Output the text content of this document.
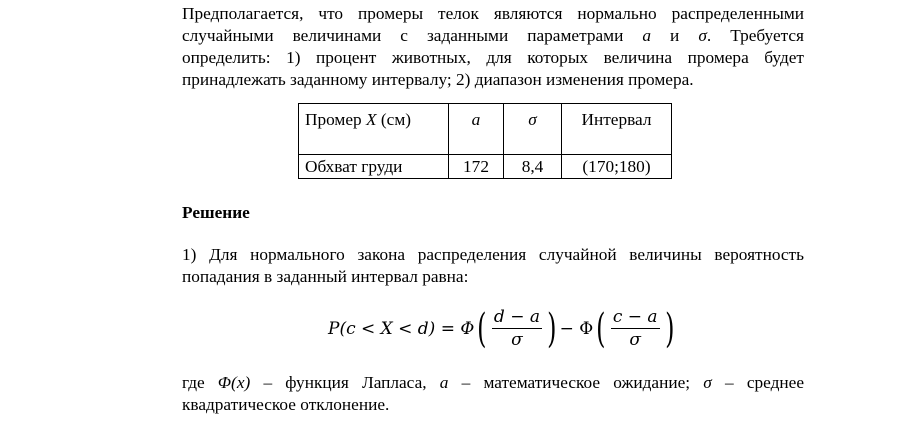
Предполагается, что промеры телок являются нормально распределенными
случайными величинами с заданными параметрами a и σ. Требуется
определить: 1) процент животных, для которых величина промера будет
принадлежать заданному интервалу; 2) диапазон изменения промера.
Промер X (см)	a	σ	Интервал
Обхват груди	172	8,4	(170;180)
Решение
1) Для нормального закона распределения случайной величины вероятность
попадания в заданный интервал равна:
P(c < X < d) = Φ ( $\frac{d - a}{\sigma}$ ) − Φ ( $\frac{c - a}{\sigma}$ )
где Φ(x) – функция Лапласа, a – математическое ожидание; σ – среднее
квадратическое отклонение.
